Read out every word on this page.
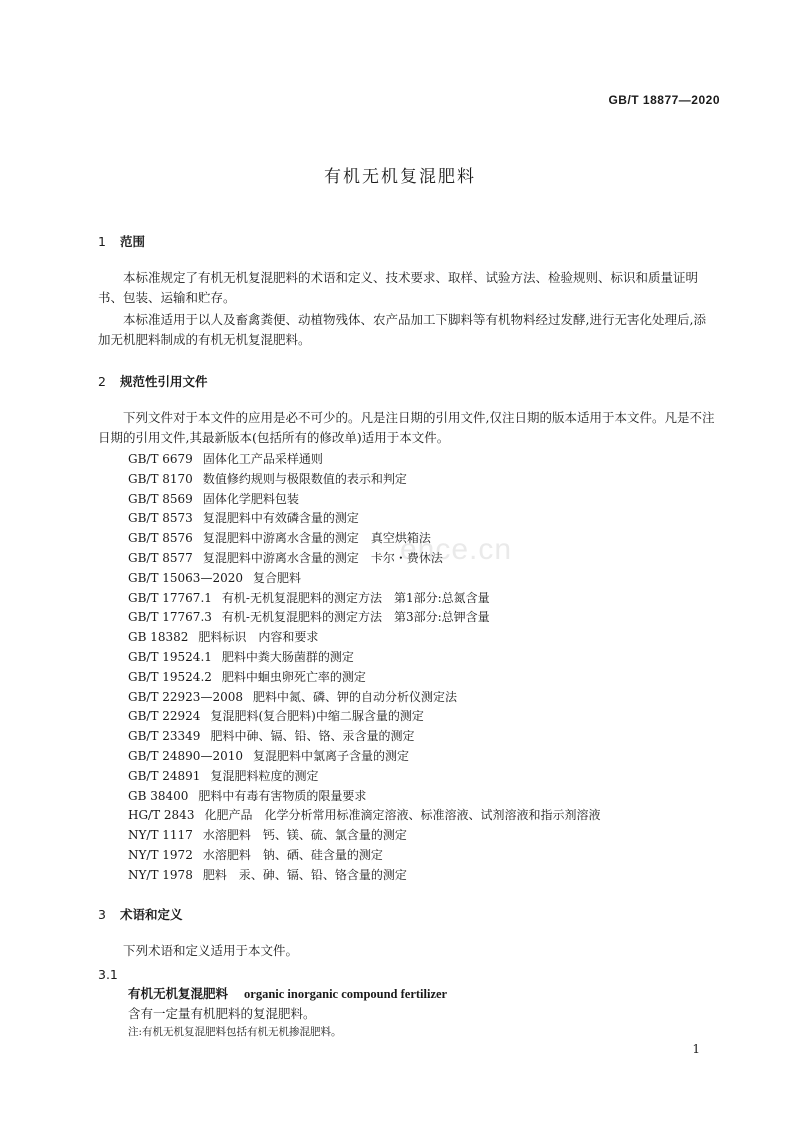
GB/T 18877—2020
有机无机复混肥料
1 范围
本标准规定了有机无机复混肥料的术语和定义、技术要求、取样、试验方法、检验规则、标识和质量证明书、包装、运输和贮存。
本标准适用于以人及畜禽粪便、动植物残体、农产品加工下脚料等有机物料经过发酵,进行无害化处理后,添加无机肥料制成的有机无机复混肥料。
2 规范性引用文件
下列文件对于本文件的应用是必不可少的。凡是注日期的引用文件,仅注日期的版本适用于本文件。凡是不注日期的引用文件,其最新版本(包括所有的修改单)适用于本文件。
GB/T 6679 固体化工产品采样通则
GB/T 8170 数值修约规则与极限数值的表示和判定
GB/T 8569 固体化学肥料包装
GB/T 8573 复混肥料中有效磷含量的测定
GB/T 8576 复混肥料中游离水含量的测定　真空烘箱法
GB/T 8577 复混肥料中游离水含量的测定　卡尔・费休法
GB/T 15063—2020 复合肥料
GB/T 17767.1 有机-无机复混肥料的测定方法　第1部分:总氮含量
GB/T 17767.3 有机-无机复混肥料的测定方法　第3部分:总钾含量
GB 18382 肥料标识　内容和要求
GB/T 19524.1 肥料中粪大肠菌群的测定
GB/T 19524.2 肥料中蛔虫卵死亡率的测定
GB/T 22923—2008 肥料中氮、磷、钾的自动分析仪测定法
GB/T 22924 复混肥料(复合肥料)中缩二脲含量的测定
GB/T 23349 肥料中砷、镉、铅、铬、汞含量的测定
GB/T 24890—2010 复混肥料中氯离子含量的测定
GB/T 24891 复混肥料粒度的测定
GB 38400 肥料中有毒有害物质的限量要求
HG/T 2843 化肥产品　化学分析常用标准滴定溶液、标准溶液、试剂溶液和指示剂溶液
NY/T 1117 水溶肥料　钙、镁、硫、氯含量的测定
NY/T 1972 水溶肥料　钠、硒、硅含量的测定
NY/T 1978 肥料　汞、砷、镉、铅、铬含量的测定
ence.cn
3 术语和定义
下列术语和定义适用于本文件。
3.1
有机无机复混肥料 organic inorganic compound fertilizer
含有一定量有机肥料的复混肥料。
注:有机无机复混肥料包括有机无机掺混肥料。
1
